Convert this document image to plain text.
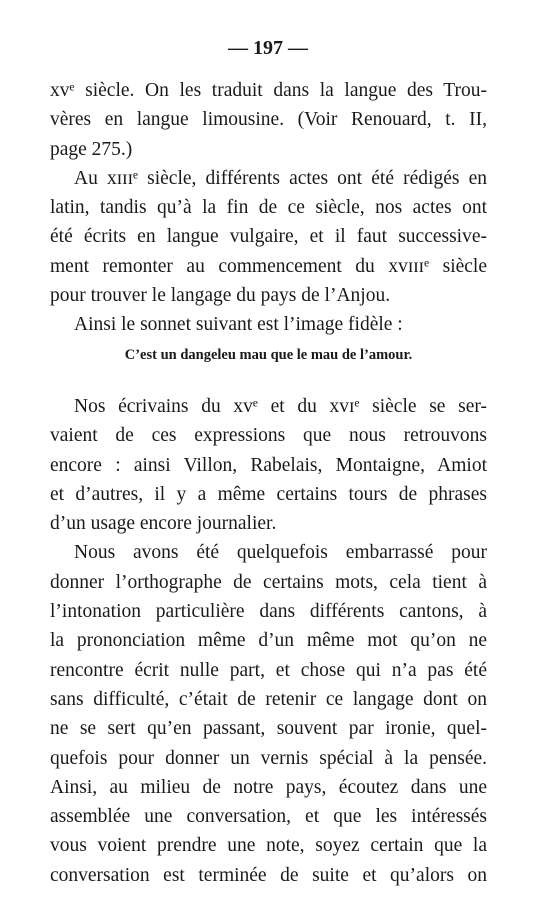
— 197 —
xvᵉ siècle. On les traduit dans la langue des Trou-
vères en langue limousine. (Voir Renouard, t. II,
page 275.)
Au xɪɪɪᵉ siècle, différents actes ont été rédigés en
latin, tandis qu’à la fin de ce siècle, nos actes ont
été écrits en langue vulgaire, et il faut successive-
ment remonter au commencement du xvɪɪɪᵉ siècle
pour trouver le langage du pays de l’Anjou.
Ainsi le sonnet suivant est l’image fidèle :
C’est un dangeleu mau que le mau de l’amour.
Nos écrivains du xvᵉ et du xvɪᵉ siècle se ser-
vaient de ces expressions que nous retrouvons
encore : ainsi Villon, Rabelais, Montaigne, Amiot
et d’autres, il y a même certains tours de phrases
d’un usage encore journalier.
Nous avons été quelquefois embarrassé pour
donner l’orthographe de certains mots, cela tient à
l’intonation particulière dans différents cantons, à
la prononciation même d’un même mot qu’on ne
rencontre écrit nulle part, et chose qui n’a pas été
sans difficulté, c’était de retenir ce langage dont on
ne se sert qu’en passant, souvent par ironie, quel-
quefois pour donner un vernis spécial à la pensée.
Ainsi, au milieu de notre pays, écoutez dans une
assemblée une conversation, et que les intéressés
vous voient prendre une note, soyez certain que la
conversation est terminée de suite et qu’alors on
